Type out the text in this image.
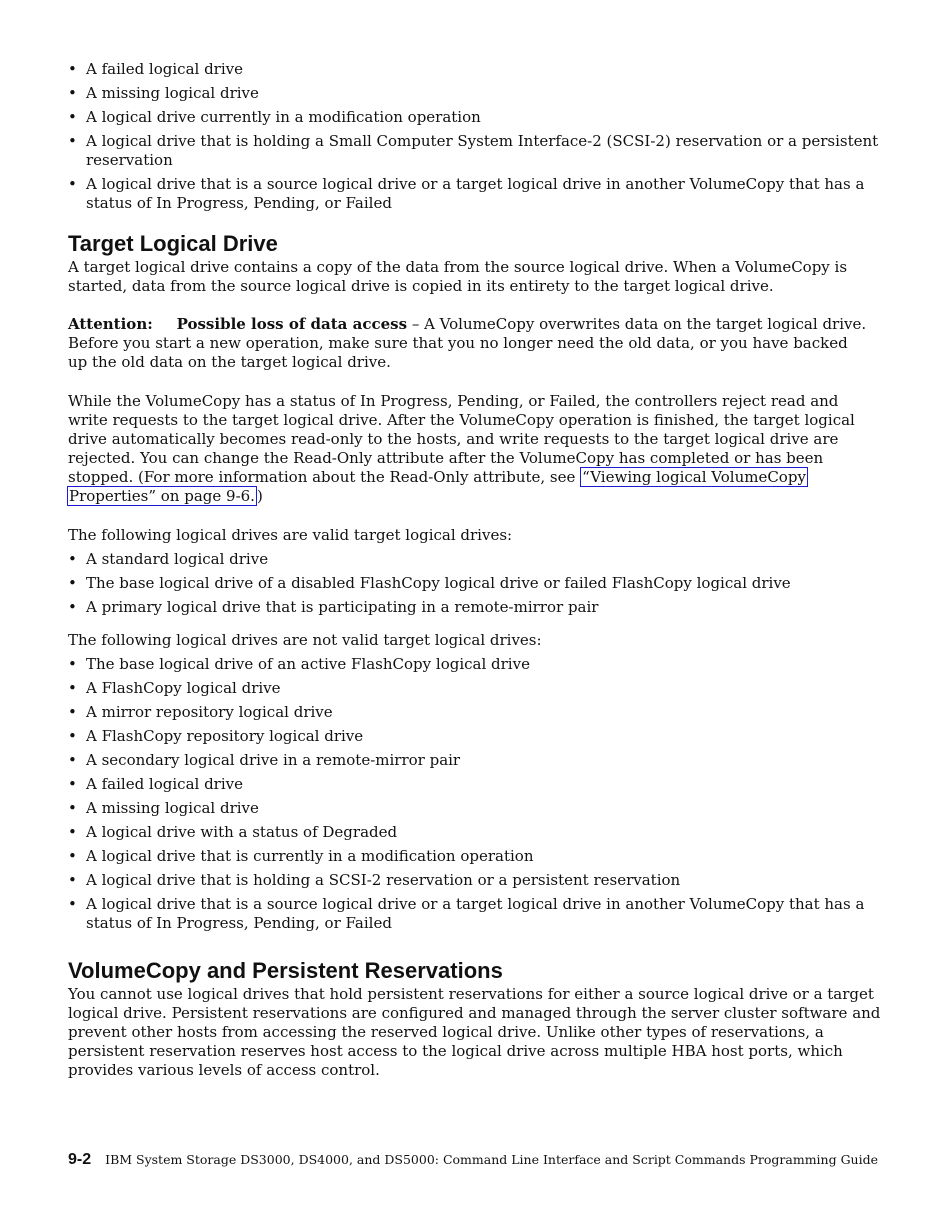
• A failed logical drive
• A missing logical drive
• A logical drive currently in a modification operation
• A logical drive that is holding a Small Computer System Interface-2 (SCSI-2) reservation or a persistent
reservation
• A logical drive that is a source logical drive or a target logical drive in another VolumeCopy that has a
status of In Progress, Pending, or Failed
Target Logical Drive
A target logical drive contains a copy of the data from the source logical drive. When a VolumeCopy is
started, data from the source logical drive is copied in its entirety to the target logical drive.
Attention: Possible loss of data access – A VolumeCopy overwrites data on the target logical drive.
Before you start a new operation, make sure that you no longer need the old data, or you have backed
up the old data on the target logical drive.
While the VolumeCopy has a status of In Progress, Pending, or Failed, the controllers reject read and
write requests to the target logical drive. After the VolumeCopy operation is finished, the target logical
drive automatically becomes read-only to the hosts, and write requests to the target logical drive are
rejected. You can change the Read-Only attribute after the VolumeCopy has completed or has been
stopped. (For more information about the Read-Only attribute, see “Viewing logical VolumeCopy
Properties” on page 9-6. )
The following logical drives are valid target logical drives:
• A standard logical drive
• The base logical drive of a disabled FlashCopy logical drive or failed FlashCopy logical drive
• A primary logical drive that is participating in a remote-mirror pair
The following logical drives are not valid target logical drives:
• The base logical drive of an active FlashCopy logical drive
• A FlashCopy logical drive
• A mirror repository logical drive
• A FlashCopy repository logical drive
• A secondary logical drive in a remote-mirror pair
• A failed logical drive
• A missing logical drive
• A logical drive with a status of Degraded
• A logical drive that is currently in a modification operation
• A logical drive that is holding a SCSI-2 reservation or a persistent reservation
• A logical drive that is a source logical drive or a target logical drive in another VolumeCopy that has a
status of In Progress, Pending, or Failed
VolumeCopy and Persistent Reservations
You cannot use logical drives that hold persistent reservations for either a source logical drive or a target
logical drive. Persistent reservations are configured and managed through the server cluster software and
prevent other hosts from accessing the reserved logical drive. Unlike other types of reservations, a
persistent reservation reserves host access to the logical drive across multiple HBA host ports, which
provides various levels of access control.
9-2 IBM System Storage DS3000, DS4000, and DS5000: Command Line Interface and Script Commands Programming Guide
